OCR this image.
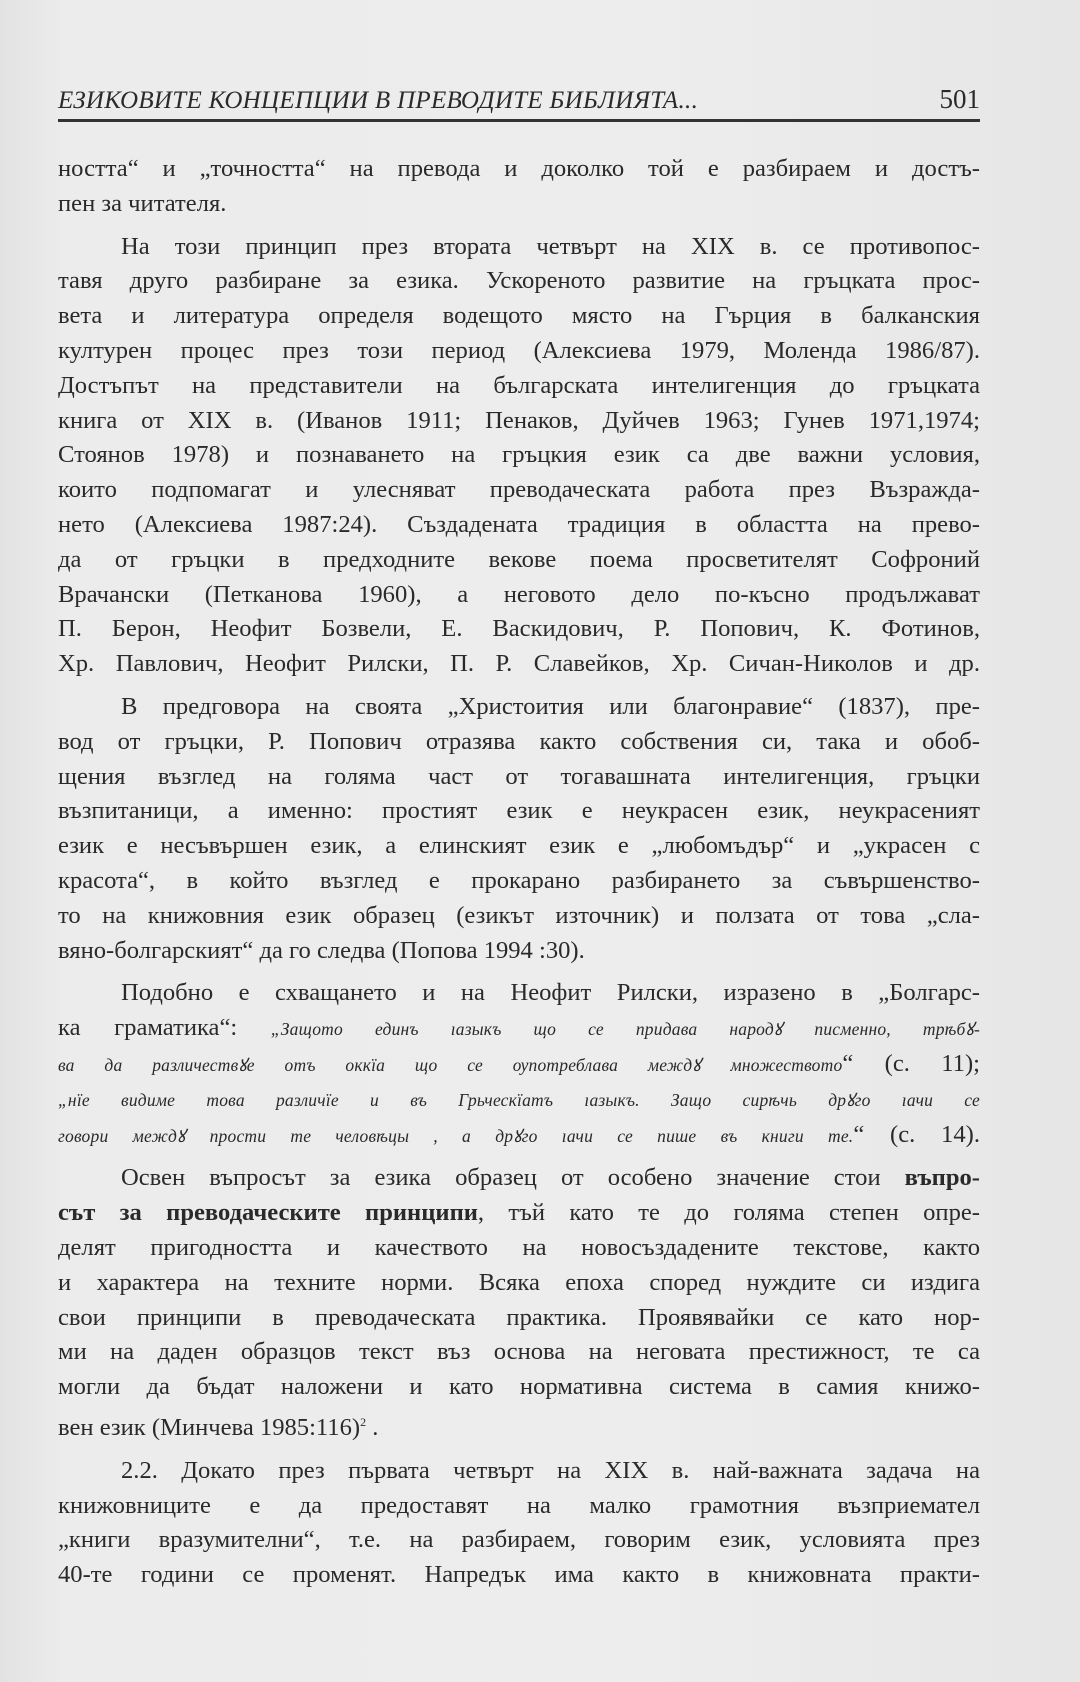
ЕЗИКОВИТЕ КОНЦЕПЦИИ В ПРЕВОДИТЕ БИБЛИЯТА...	501

ността“ и „точността“ на превода и доколко той е разбираем и достъ-
пен за читателя.

На този принцип през втората четвърт на XIX в. се противопос-
тавя друго разбиране за езика. Ускореното развитие на гръцката прос-
вета и литература определя водещото място на Гърция в балканския
културен процес през този период (Алексиева 1979, Моленда 1986/87).
Достъпът на представители на българската интелигенция до гръцката
книга от XIX в. (Иванов 1911; Пенаков, Дуйчев 1963; Гунев 1971,1974;
Стоянов 1978) и познаването на гръцкия език са две важни условия,
които подпомагат и улесняват преводаческата работа през Възражда-
нето (Алексиева 1987:24). Създадената традиция в областта на прево-
да от гръцки в предходните векове поема просветителят Софроний
Врачански (Петканова 1960), а неговото дело по-късно продължават
П. Берон, Неофит Бозвели, Е. Васкидович, Р. Попович, К. Фотинов,
Хр. Павлович, Неофит Рилски, П. Р. Славейков, Хр. Сичан-Николов и др.

В предговора на своята „Христоития или благонравие“ (1837), пре-
вод от гръцки, Р. Попович отразява както собствения си, така и обоб-
щения възглед на голяма част от тогавашната интелигенция, гръцки
възпитаници, а именно: простият език е неукрасен език, неукрасеният
език е несъвършен език, а елинският език е „любомъдър“ и „украсен с
красота“, в който възглед е прокарано разбирането за съвършенство-
то на книжовния език образец (езикът източник) и ползата от това „сла-
вяно-болгарският“ да го следва (Попова 1994 :30).

Подобно е схващането и на Неофит Рилски, изразено в „Болгарс-
ка граматика“: „Защото единъ ıазыкъ що се придава народꙋ писменно, трѣбꙋ-
ва да различествꙋе отъ оккїа що се ѹпотреблава междꙋ множеството“ (с. 11);
„нїе видиме това различїе и въ Грьческїатъ ıазыкъ. Защо сирѣчь дрꙋго ıачи се
говори междꙋ прости те человѣцы , а дрꙋго ıачи се пише въ книги те.“ (с. 14).

Освен въпросът за езика образец от особено значение стои въпро-
сът за преводаческите принципи, тъй като те до голяма степен опре-
делят пригодността и качеството на новосъздадените текстове, както
и характера на техните норми. Всяка епоха според нуждите си издига
свои принципи в преводаческата практика. Проявявайки се като нор-
ми на даден образцов текст въз основа на неговата престижност, те са
могли да бъдат наложени и като нормативна система в самия книжо-
вен език (Минчева 1985:116)$^2$ .

2.2. Докато през първата четвърт на XIX в. най-важната задача на
книжовниците е да предоставят на малко грамотния възприемател
„книги вразумителни“, т.е. на разбираем, говорим език, условията през
40-те години се променят. Напредък има както в книжовната практи-
